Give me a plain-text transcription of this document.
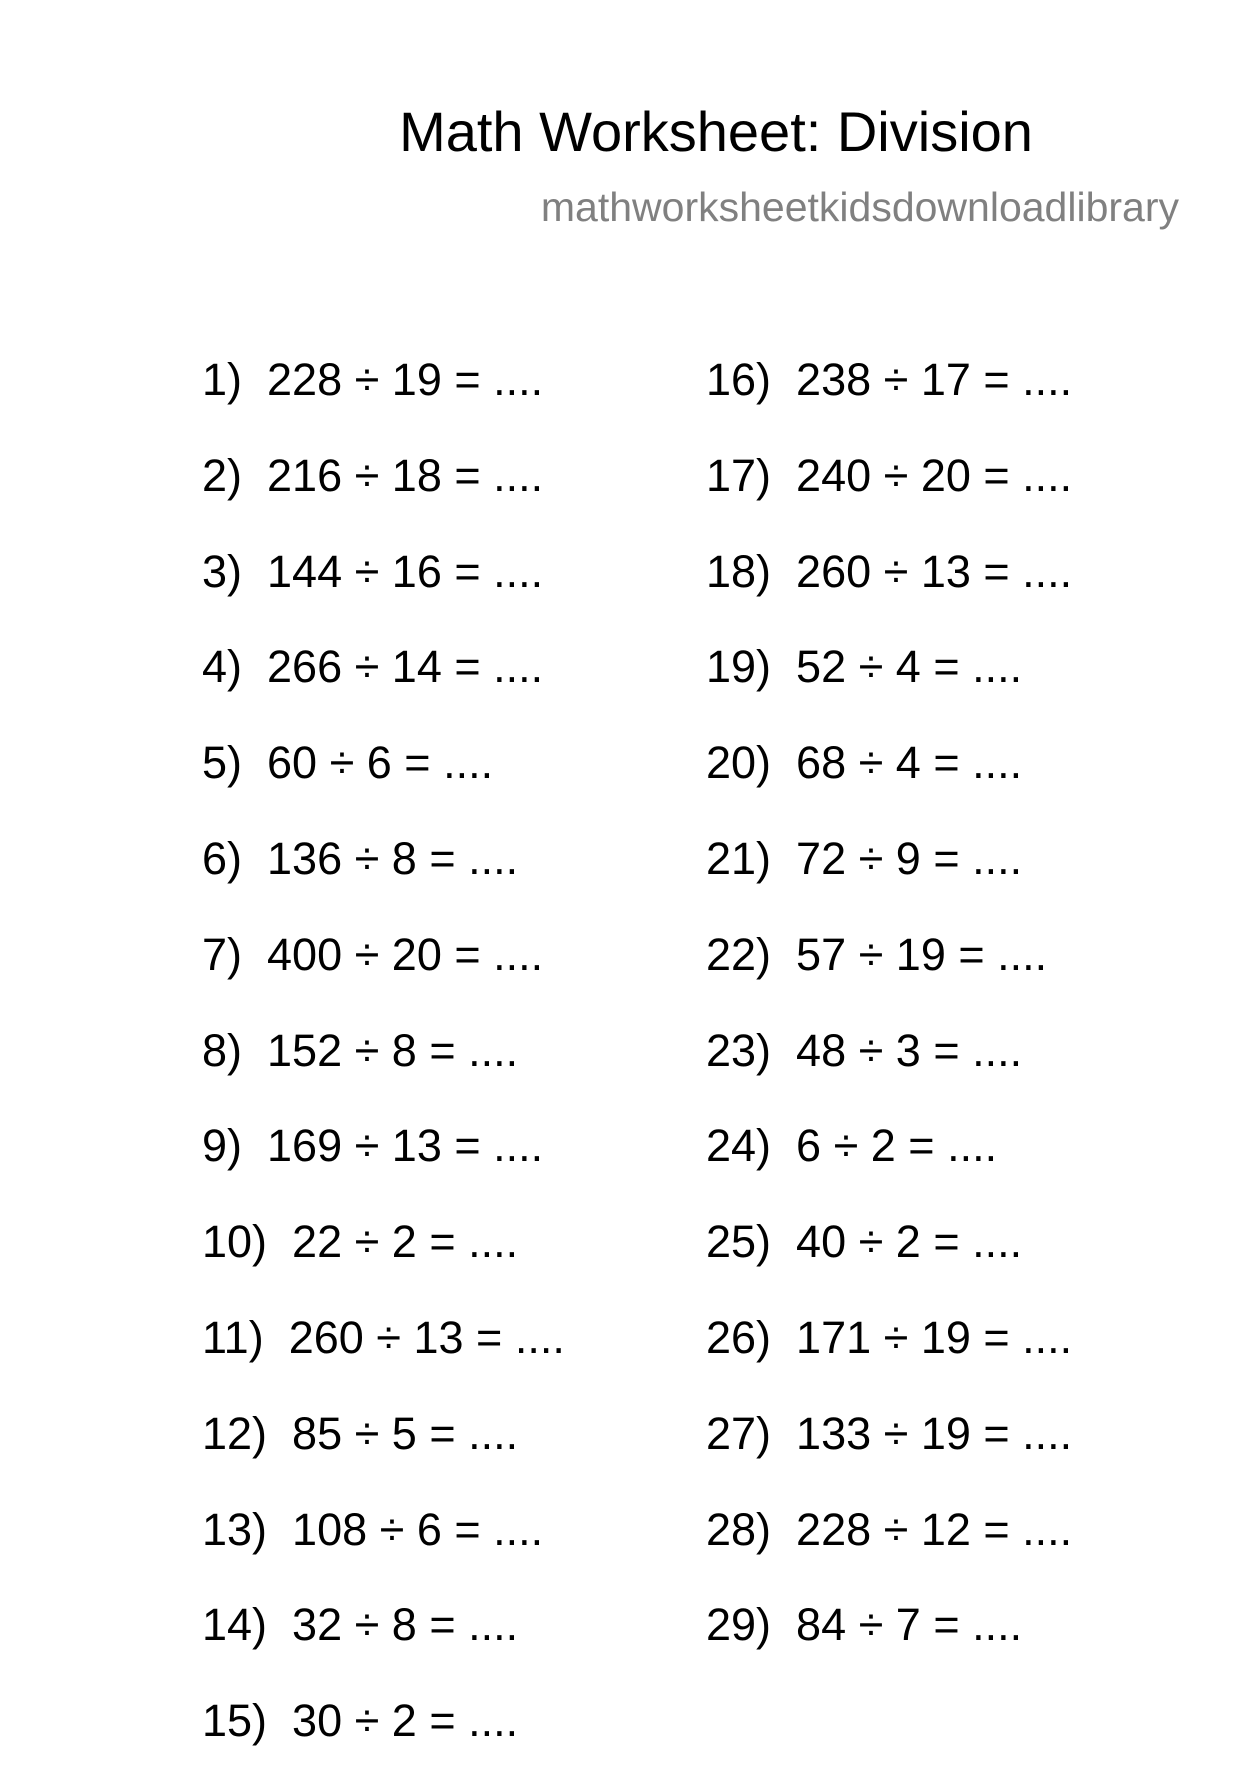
Math Worksheet: Division
mathworksheetkidsdownloadlibrary
1)  228 ÷ 19 = ....
2)  216 ÷ 18 = ....
3)  144 ÷ 16 = ....
4)  266 ÷ 14 = ....
5)  60 ÷ 6 = ....
6)  136 ÷ 8 = ....
7)  400 ÷ 20 = ....
8)  152 ÷ 8 = ....
9)  169 ÷ 13 = ....
10)  22 ÷ 2 = ....
11)  260 ÷ 13 = ....
12)  85 ÷ 5 = ....
13)  108 ÷ 6 = ....
14)  32 ÷ 8 = ....
15)  30 ÷ 2 = ....
16)  238 ÷ 17 = ....
17)  240 ÷ 20 = ....
18)  260 ÷ 13 = ....
19)  52 ÷ 4 = ....
20)  68 ÷ 4 = ....
21)  72 ÷ 9 = ....
22)  57 ÷ 19 = ....
23)  48 ÷ 3 = ....
24)  6 ÷ 2 = ....
25)  40 ÷ 2 = ....
26)  171 ÷ 19 = ....
27)  133 ÷ 19 = ....
28)  228 ÷ 12 = ....
29)  84 ÷ 7 = ....
